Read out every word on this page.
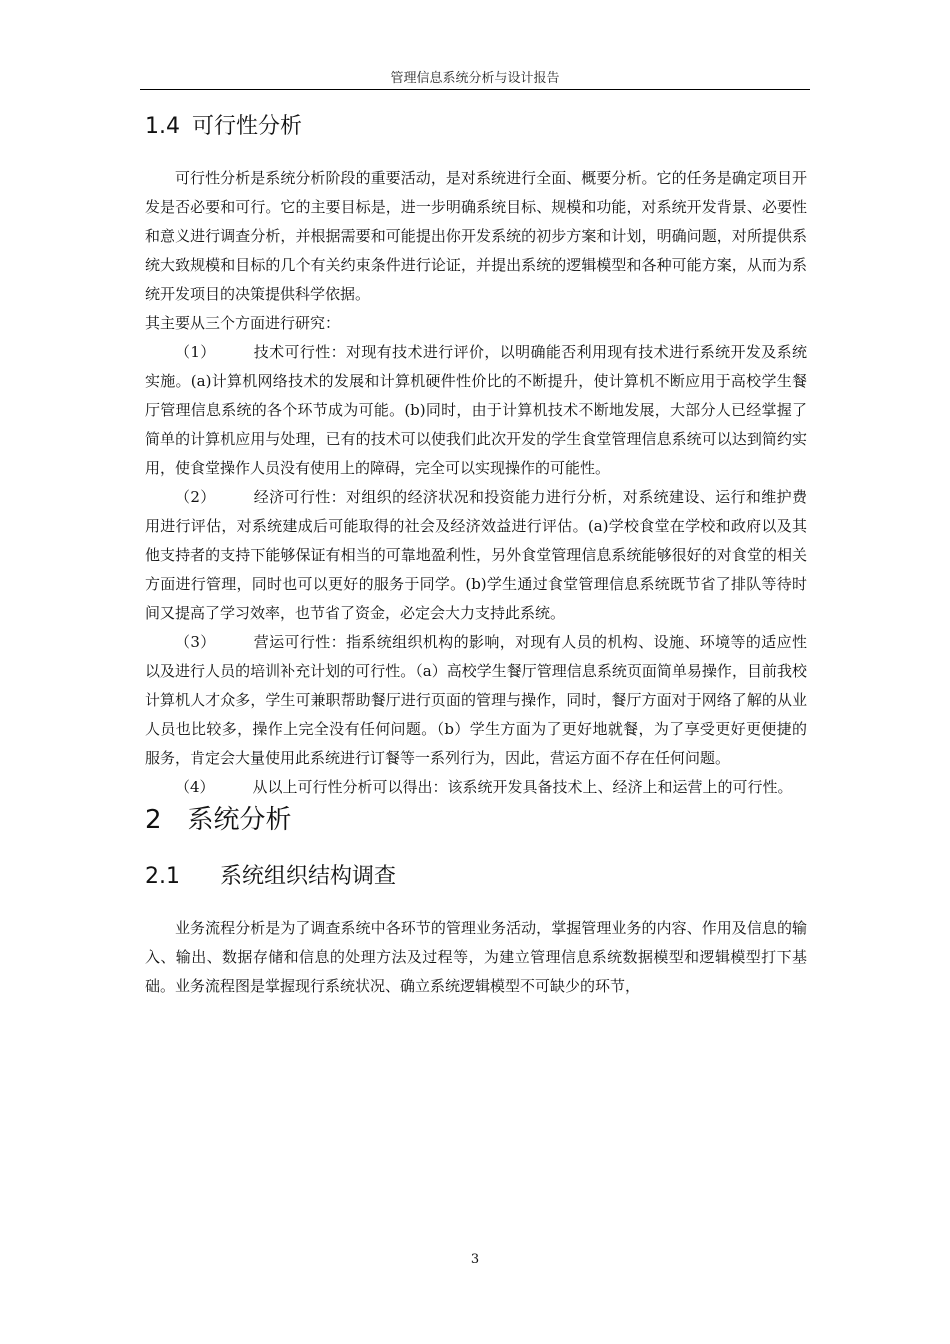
管理信息系统分析与设计报告
1.4 可行性分析

可行性分析是系统分析阶段的重要活动，是对系统进行全面、概要分析。它的任务是确定项目开发是否必要和可行。它的主要目标是，进一步明确系统目标、规模和功能，对系统开发背景、必要性和意义进行调查分析，并根据需要和可能提出你开发系统的初步方案和计划，明确问题，对所提供系统大致规模和目标的几个有关约束条件进行论证，并提出系统的逻辑模型和各种可能方案，从而为系统开发项目的决策提供科学依据。

其主要从三个方面进行研究：

（1）	技术可行性：对现有技术进行评价，以明确能否利用现有技术进行系统开发及系统实施。(a)计算机网络技术的发展和计算机硬件性价比的不断提升，使计算机不断应用于高校学生餐厅管理信息系统的各个环节成为可能。(b)同时，由于计算机技术不断地发展，大部分人已经掌握了简单的计算机应用与处理，已有的技术可以使我们此次开发的学生食堂管理信息系统可以达到简约实用，使食堂操作人员没有使用上的障碍，完全可以实现操作的可能性。

（2）	经济可行性：对组织的经济状况和投资能力进行分析，对系统建设、运行和维护费用进行评估，对系统建成后可能取得的社会及经济效益进行评估。(a)学校食堂在学校和政府以及其他支持者的支持下能够保证有相当的可靠地盈利性，另外食堂管理信息系统能够很好的对食堂的相关方面进行管理，同时也可以更好的服务于同学。(b)学生通过食堂管理信息系统既节省了排队等待时间又提高了学习效率，也节省了资金，必定会大力支持此系统。

（3）	营运可行性：指系统组织机构的影响，对现有人员的机构、设施、环境等的适应性以及进行人员的培训补充计划的可行性。（a）高校学生餐厅管理信息系统页面简单易操作，目前我校计算机人才众多，学生可兼职帮助餐厅进行页面的管理与操作，同时，餐厅方面对于网络了解的从业人员也比较多，操作上完全没有任何问题。（b）学生方面为了更好地就餐，为了享受更好更便捷的服务，肯定会大量使用此系统进行订餐等一系列行为，因此，营运方面不存在任何问题。

（4）	从以上可行性分析可以得出：该系统开发具备技术上、经济上和运营上的可行性。

2 系统分析
2.1 系统组织结构调查

业务流程分析是为了调查系统中各环节的管理业务活动，掌握管理业务的内容、作用及信息的输入、输出、数据存储和信息的处理方法及过程等，为建立管理信息系统数据模型和逻辑模型打下基础。业务流程图是掌握现行系统状况、确立系统逻辑模型不可缺少的环节，

3
